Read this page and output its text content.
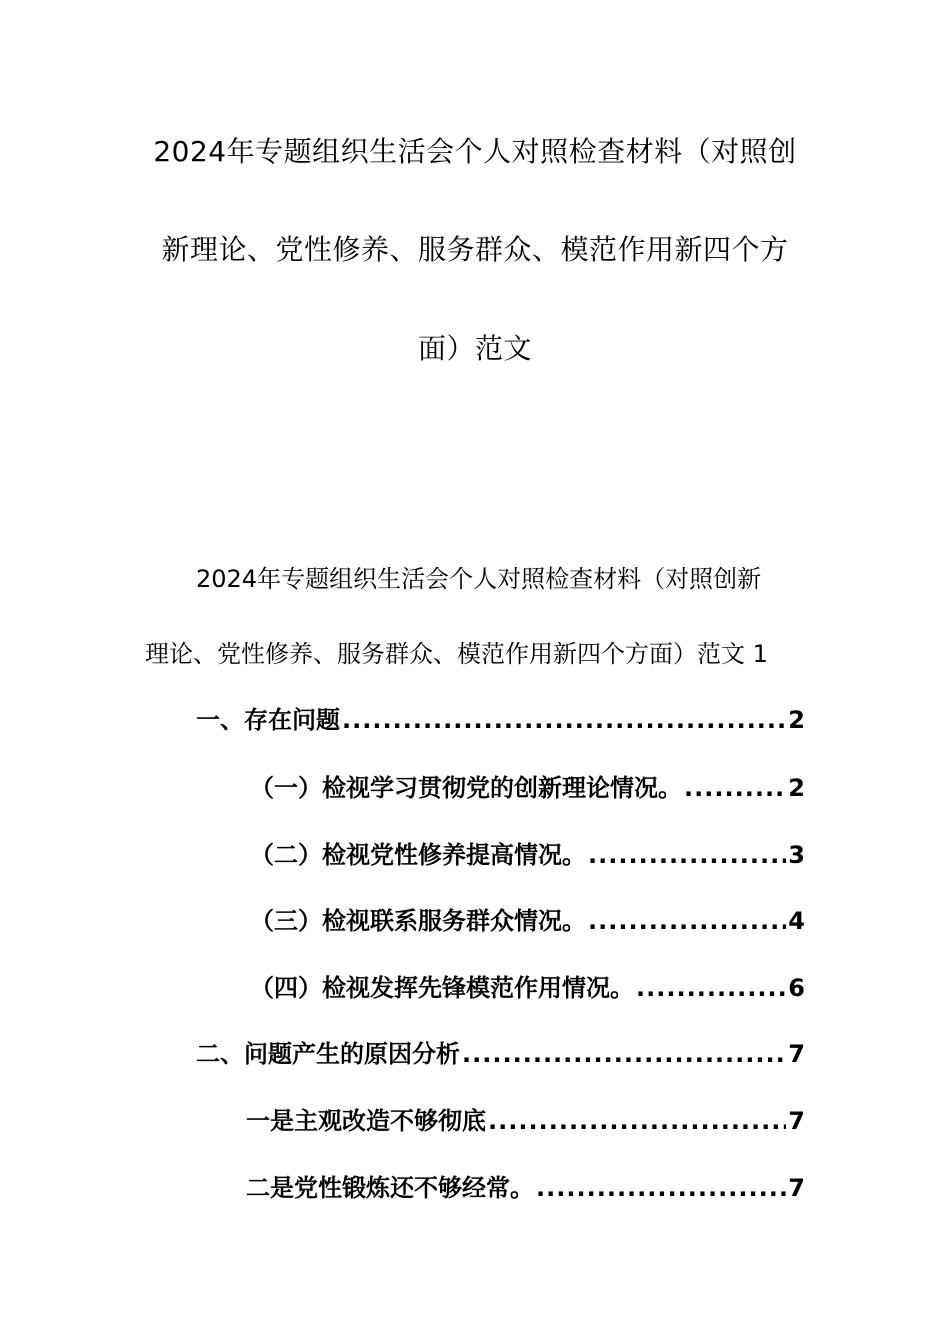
2024年专题组织生活会个人对照检查材料（对照创
新理论、党性修养、服务群众、模范作用新四个方
面）范文
2024年专题组织生活会个人对照检查材料（对照创新
理论、党性修养、服务群众、模范作用新四个方面）范文 1
一、存在问题 .....	2
（一）检视学习贯彻党的创新理论情况。 .....	2
（二）检视党性修养提高情况。 .....	3
（三）检视联系服务群众情况。 .....	4
（四）检视发挥先锋模范作用情况。 .....	6
二、问题产生的原因分析 .....	7
一是主观改造不够彻底 .....	7
二是党性锻炼还不够经常。 .....	7
